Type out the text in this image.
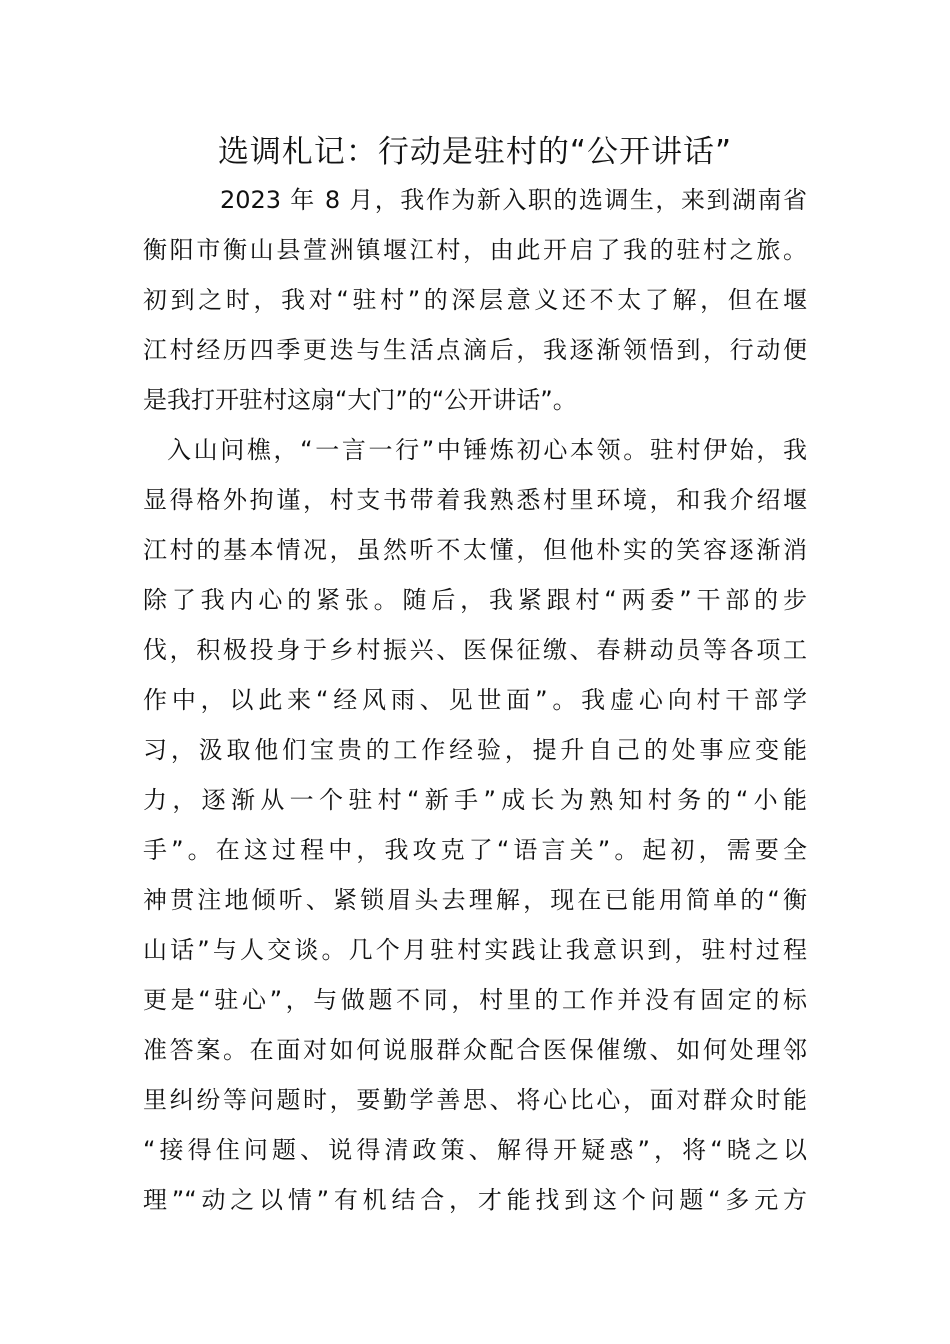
选调札记：行动是驻村的“公开讲话”

2023 年 8 月，我作为新入职的选调生，来到湖南省

衡阳市衡山县萱洲镇堰江村，由此开启了我的驻村之旅。

初到之时，我对“驻村”的深层意义还不太了解，但在堰

江村经历四季更迭与生活点滴后，我逐渐领悟到，行动便

是我打开驻村这扇“大门”的“公开讲话”。

入山问樵，“一言一行”中锤炼初心本领。驻村伊始，我

显得格外拘谨，村支书带着我熟悉村里环境，和我介绍堰

江村的基本情况，虽然听不太懂，但他朴实的笑容逐渐消

除了我内心的紧张。随后，我紧跟村“两委”干部的步

伐，积极投身于乡村振兴、医保征缴、春耕动员等各项工

作中，以此来“经风雨、见世面”。我虚心向村干部学

习，汲取他们宝贵的工作经验，提升自己的处事应变能

力，逐渐从一个驻村“新手”成长为熟知村务的“小能

手”。在这过程中，我攻克了“语言关”。起初，需要全

神贯注地倾听、紧锁眉头去理解，现在已能用简单的“衡

山话”与人交谈。几个月驻村实践让我意识到，驻村过程

更是“驻心”，与做题不同，村里的工作并没有固定的标

准答案。在面对如何说服群众配合医保催缴、如何处理邻

里纠纷等问题时，要勤学善思、将心比心，面对群众时能

“接得住问题、说得清政策、解得开疑惑”，将“晓之以

理”“动之以情”有机结合，才能找到这个问题“多元方
